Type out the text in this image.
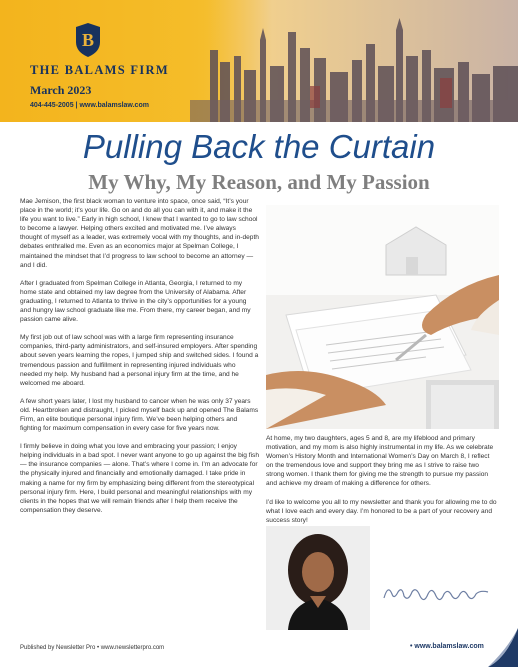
B
THE BALAMS FIRM
March 2023
404-445-2005 | www.balamslaw.com
Pulling Back the Curtain
My Why, My Reason, and My Passion

Mae Jemison, the first black woman to venture into space, once said, “It’s your place in the world; it’s your life. Go on and do all you can with it, and make it the life you want to live.” Early in high school, I knew that I wanted to go to law school to become a lawyer. Helping others excited and motivated me. I’ve always thought of myself as a leader, was extremely vocal with my thoughts, and in-depth debates enthralled me. Even as an economics major at Spelman College, I maintained the mindset that I’d progress to law school to become an attorney — and I did.

After I graduated from Spelman College in Atlanta, Georgia, I returned to my home state and obtained my law degree from the University of Alabama. After graduating, I returned to Atlanta to thrive in the city’s opportunities for a young and hungry law school graduate like me. From there, my career began, and my passion came alive.

My first job out of law school was with a large firm representing insurance companies, third-party administrators, and self-insured employers. After spending about seven years learning the ropes, I jumped ship and switched sides. I found a tremendous passion and fulfillment in representing injured individuals who needed my help. My husband had a personal injury firm at the time, and he welcomed me aboard.

A few short years later, I lost my husband to cancer when he was only 37 years old. Heartbroken and distraught, I picked myself back up and opened The Balams Firm, an elite boutique personal injury firm. We’ve been helping others and fighting for maximum compensation in every case for five years now.

I firmly believe in doing what you love and embracing your passion; I enjoy helping individuals in a bad spot. I never want anyone to go up against the big fish — the insurance companies — alone. That’s where I come in. I’m an advocate for the physically injured and financially and emotionally damaged. I take pride in making a name for my firm by emphasizing being different from the stereotypical personal injury firm. Here, I build personal and meaningful relationships with my clients in the hopes that we will remain friends after I help them receive the compensation they deserve.

At home, my two daughters, ages 5 and 8, are my lifeblood and primary motivation, and my mom is also highly instrumental in my life. As we celebrate Women’s History Month and International Women’s Day on March 8, I reflect on the tremendous love and support they bring me as I strive to raise two strong women. I thank them for giving me the strength to pursue my passion and achieve my dream of making a difference for others.

I’d like to welcome you all to my newsletter and thank you for allowing me to do what I love each and every day. I’m honored to be a part of your recovery and success story!

Published by Newsletter Pro • www.newsletterpro.com	• www.balamslaw.com
